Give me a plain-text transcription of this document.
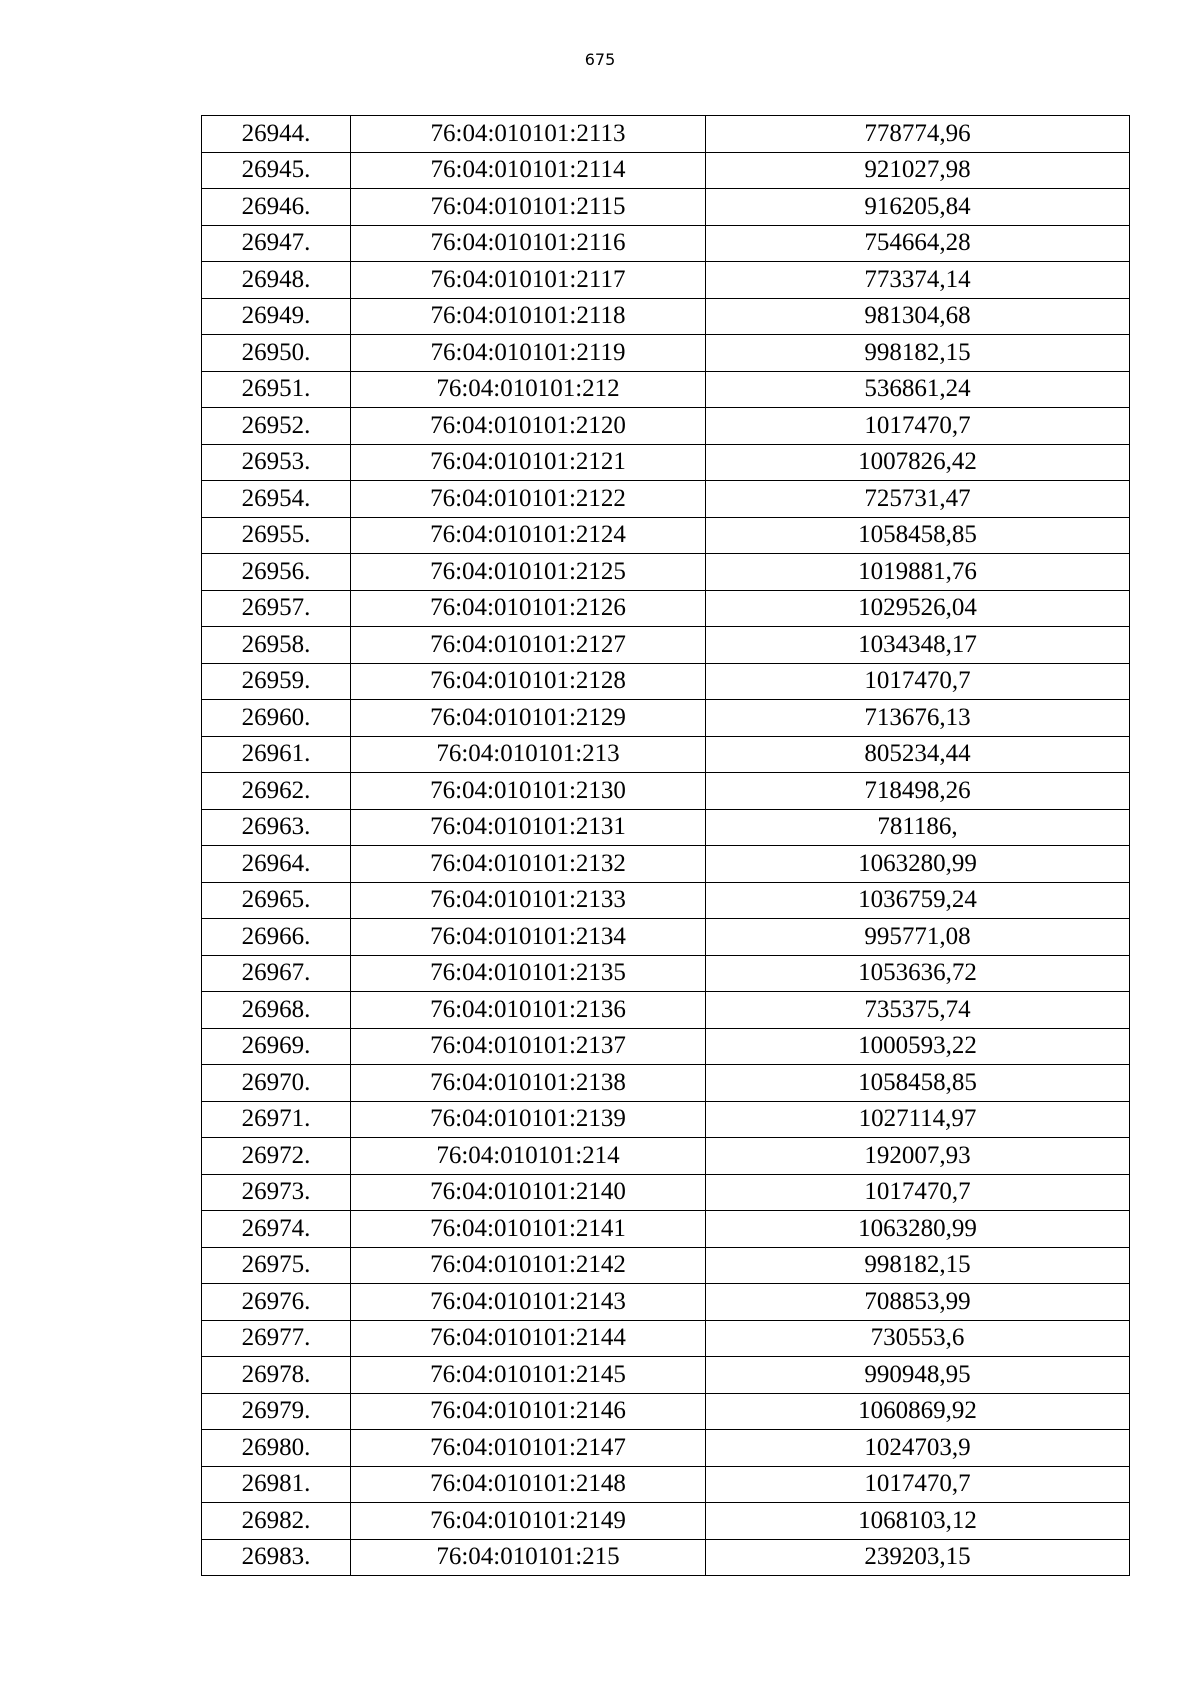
675
26944.	76:04:010101:2113	778774,96
26945.	76:04:010101:2114	921027,98
26946.	76:04:010101:2115	916205,84
26947.	76:04:010101:2116	754664,28
26948.	76:04:010101:2117	773374,14
26949.	76:04:010101:2118	981304,68
26950.	76:04:010101:2119	998182,15
26951.	76:04:010101:212	536861,24
26952.	76:04:010101:2120	1017470,7
26953.	76:04:010101:2121	1007826,42
26954.	76:04:010101:2122	725731,47
26955.	76:04:010101:2124	1058458,85
26956.	76:04:010101:2125	1019881,76
26957.	76:04:010101:2126	1029526,04
26958.	76:04:010101:2127	1034348,17
26959.	76:04:010101:2128	1017470,7
26960.	76:04:010101:2129	713676,13
26961.	76:04:010101:213	805234,44
26962.	76:04:010101:2130	718498,26
26963.	76:04:010101:2131	781186,
26964.	76:04:010101:2132	1063280,99
26965.	76:04:010101:2133	1036759,24
26966.	76:04:010101:2134	995771,08
26967.	76:04:010101:2135	1053636,72
26968.	76:04:010101:2136	735375,74
26969.	76:04:010101:2137	1000593,22
26970.	76:04:010101:2138	1058458,85
26971.	76:04:010101:2139	1027114,97
26972.	76:04:010101:214	192007,93
26973.	76:04:010101:2140	1017470,7
26974.	76:04:010101:2141	1063280,99
26975.	76:04:010101:2142	998182,15
26976.	76:04:010101:2143	708853,99
26977.	76:04:010101:2144	730553,6
26978.	76:04:010101:2145	990948,95
26979.	76:04:010101:2146	1060869,92
26980.	76:04:010101:2147	1024703,9
26981.	76:04:010101:2148	1017470,7
26982.	76:04:010101:2149	1068103,12
26983.	76:04:010101:215	239203,15
